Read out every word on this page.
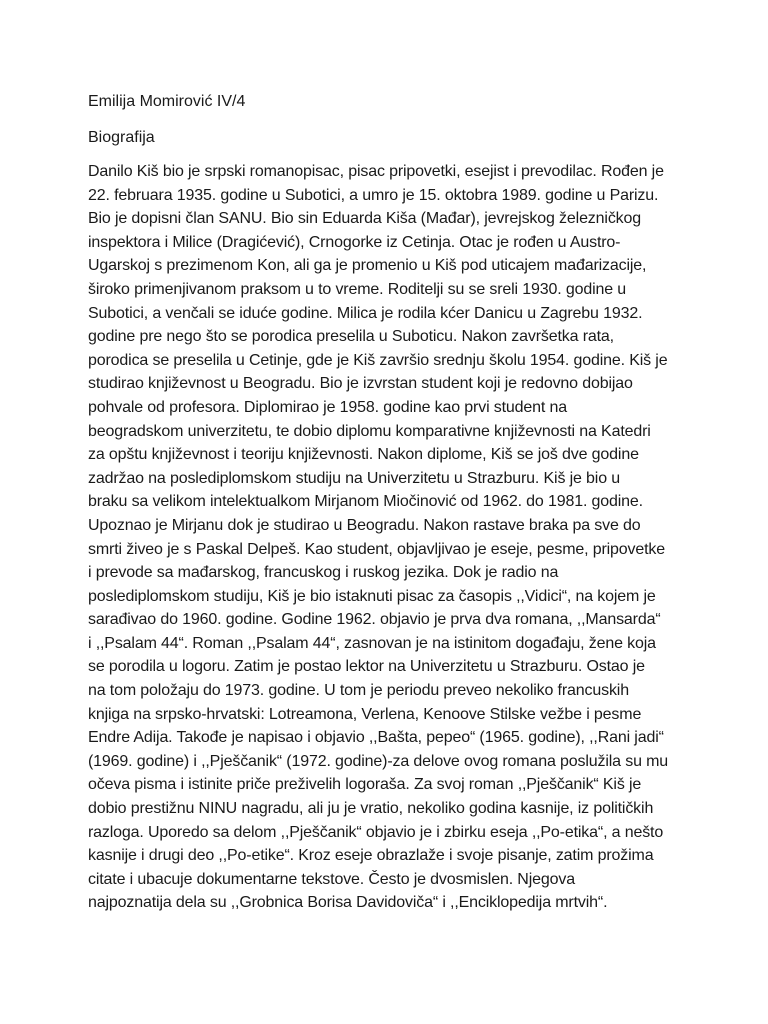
Emilija Momirović IV/4
Biografija
Danilo Kiš bio je srpski romanopisac, pisac pripovetki, esejist i prevodilac. Rođen je
22. februara 1935. godine u Subotici, a umro je 15. oktobra 1989. godine u Parizu.
Bio je dopisni član SANU. Bio sin Eduarda Kiša (Mađar), jevrejskog železničkog
inspektora i Milice (Dragićević), Crnogorke iz Cetinja. Otac je rođen u Austro-
Ugarskoj s prezimenom Kon, ali ga je promenio u Kiš pod uticajem mađarizacije,
široko primenjivanom praksom u to vreme. Roditelji su se sreli 1930. godine u
Subotici, a venčali se iduće godine. Milica je rodila kćer Danicu u Zagrebu 1932.
godine pre nego što se porodica preselila u Suboticu. Nakon završetka rata,
porodica se preselila u Cetinje, gde je Kiš završio srednju školu 1954. godine. Kiš je
studirao književnost u Beogradu. Bio je izvrstan student koji je redovno dobijao
pohvale od profesora. Diplomirao je 1958. godine kao prvi student na
beogradskom univerzitetu, te dobio diplomu komparativne književnosti na Katedri
za opštu književnost i teoriju književnosti. Nakon diplome, Kiš se još dve godine
zadržao na poslediplomskom studiju na Univerzitetu u Strazburu. Kiš je bio u
braku sa velikom intelektualkom Mirjanom Miočinović od 1962. do 1981. godine.
Upoznao je Mirjanu dok je studirao u Beogradu. Nakon rastave braka pa sve do
smrti živeo je s Paskal Delpeš. Kao student, objavljivao je eseje, pesme, pripovetke
i prevode sa mađarskog, francuskog i ruskog jezika. Dok je radio na
poslediplomskom studiju, Kiš je bio istaknuti pisac za časopis ,,Vidici“, na kojem je
sarađivao do 1960. godine. Godine 1962. objavio je prva dva romana, ,,Mansarda“
i ,,Psalam 44“. Roman ,,Psalam 44“, zasnovan je na istinitom događaju, žene koja
se porodila u logoru. Zatim je postao lektor na Univerzitetu u Strazburu. Ostao je
na tom položaju do 1973. godine. U tom je periodu preveo nekoliko francuskih
knjiga na srpsko-hrvatski: Lotreamona, Verlena, Kenoove Stilske vežbe i pesme
Endre Adija. Takođe je napisao i objavio ,,Bašta, pepeo“ (1965. godine), ,,Rani jadi“
(1969. godine) i ,,Pješčanik“ (1972. godine)-za delove ovog romana poslužila su mu
očeva pisma i istinite priče preživelih logoraša. Za svoj roman ,,Pješčanik“ Kiš je
dobio prestižnu NINU nagradu, ali ju je vratio, nekoliko godina kasnije, iz političkih
razloga. Uporedo sa delom ,,Pješčanik“ objavio je i zbirku eseja ,,Po-etika“, a nešto
kasnije i drugi deo ,,Po-etike“. Kroz eseje obrazlaže i svoje pisanje, zatim prožima
citate i ubacuje dokumentarne tekstove. Često je dvosmislen. Njegova
najpoznatija dela su ,,Grobnica Borisa Davidoviča“ i ,,Enciklopedija mrtvih“.
